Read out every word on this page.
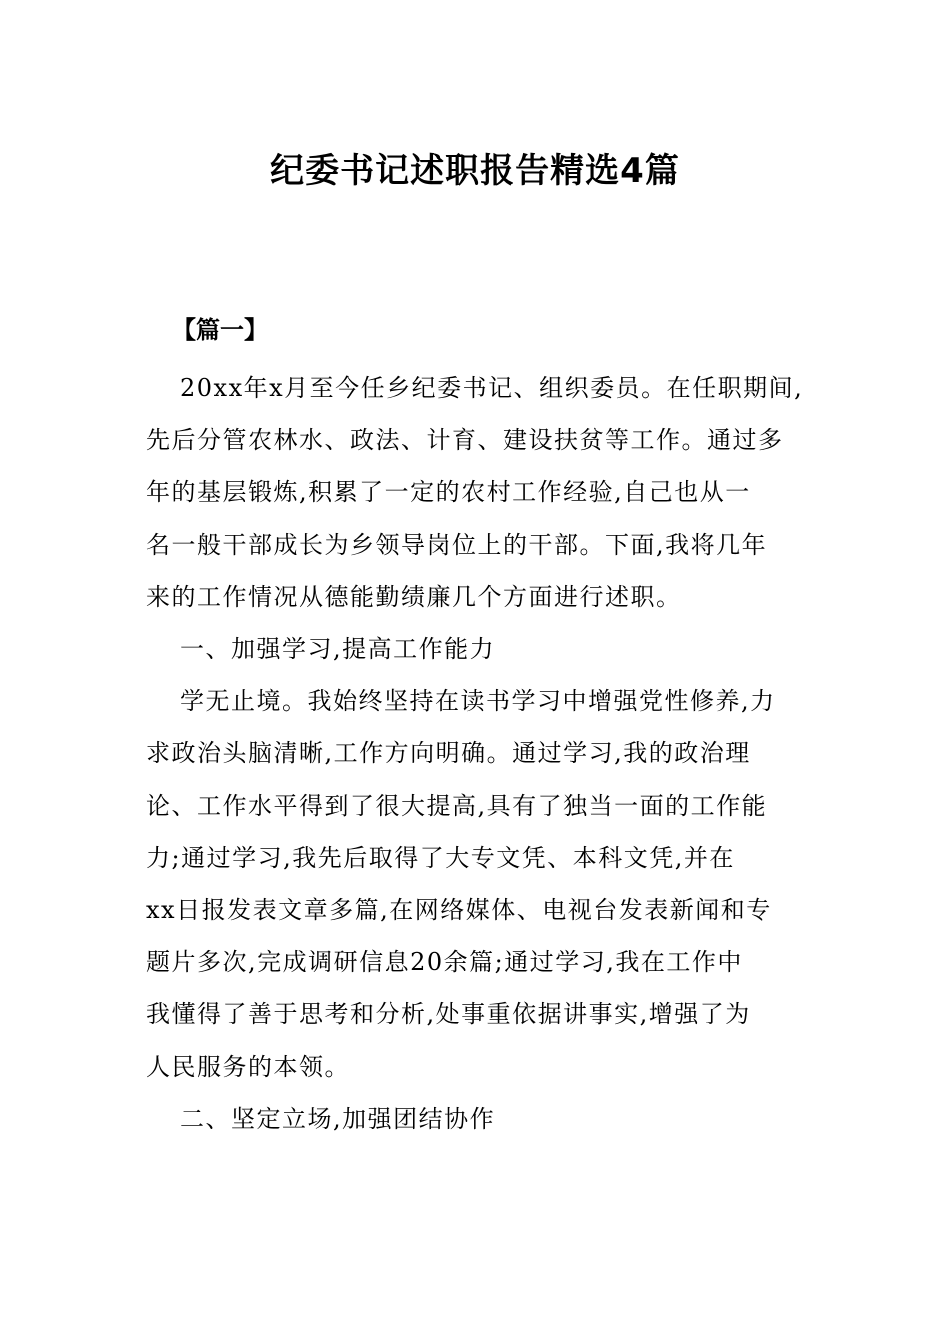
纪委书记述职报告精选4篇
【篇一】

20xx年x月至今任乡纪委书记、组织委员。在任职期间,

先后分管农林水、政法、计育、建设扶贫等工作。通过多

年的基层锻炼,积累了一定的农村工作经验,自己也从一

名一般干部成长为乡领导岗位上的干部。下面,我将几年

来的工作情况从德能勤绩廉几个方面进行述职。

一、加强学习,提高工作能力

学无止境。我始终坚持在读书学习中增强党性修养,力

求政治头脑清晰,工作方向明确。通过学习,我的政治理

论、工作水平得到了很大提高,具有了独当一面的工作能

力;通过学习,我先后取得了大专文凭、本科文凭,并在

xx日报发表文章多篇,在网络媒体、电视台发表新闻和专

题片多次,完成调研信息20余篇;通过学习,我在工作中

我懂得了善于思考和分析,处事重依据讲事实,增强了为

人民服务的本领。

二、坚定立场,加强团结协作
